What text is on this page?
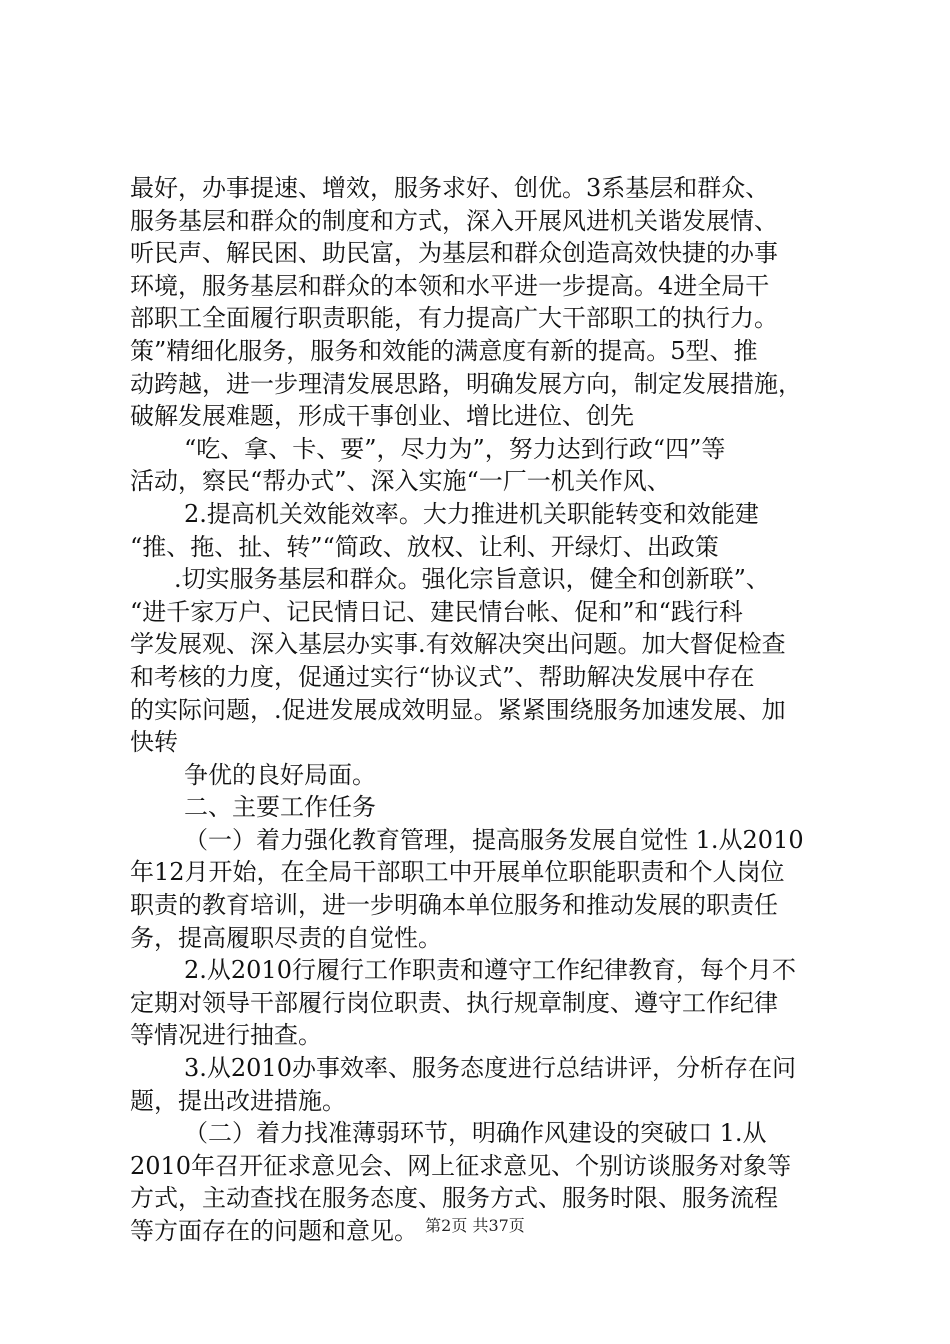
最好，办事提速、增效，服务求好、创优。3系基层和群众、
服务基层和群众的制度和方式，深入开展风进机关谐发展情、
听民声、解民困、助民富，为基层和群众创造高效快捷的办事
环境，服务基层和群众的本领和水平进一步提高。4进全局干
部职工全面履行职责职能，有力提高广大干部职工的执行力。
策”精细化服务，服务和效能的满意度有新的提高。5型、推
动跨越，进一步理清发展思路，明确发展方向，制定发展措施，
破解发展难题，形成干事创业、增比进位、创先
“吃、拿、卡、要”，尽力为”，努力达到行政“四”等
活动，察民“帮办式”、深入实施“一厂一机关作风、
2.提高机关效能效率。大力推进机关职能转变和效能建
“推、拖、扯、转”“简政、放权、让利、开绿灯、出政策
.切实服务基层和群众。强化宗旨意识，健全和创新联”、
“进千家万户、记民情日记、建民情台帐、促和”和“践行科
学发展观、深入基层办实事.有效解决突出问题。加大督促检查
和考核的力度，促通过实行“协议式”、帮助解决发展中存在
的实际问题，.促进发展成效明显。紧紧围绕服务加速发展、加
快转
争优的良好局面。
二、主要工作任务
（一）着力强化教育管理，提高服务发展自觉性 1.从2010
年12月开始，在全局干部职工中开展单位职能职责和个人岗位
职责的教育培训，进一步明确本单位服务和推动发展的职责任
务，提高履职尽责的自觉性。
2.从2010行履行工作职责和遵守工作纪律教育，每个月不
定期对领导干部履行岗位职责、执行规章制度、遵守工作纪律
等情况进行抽查。
3.从2010办事效率、服务态度进行总结讲评，分析存在问
题，提出改进措施。
（二）着力找准薄弱环节，明确作风建设的突破口 1.从
2010年召开征求意见会、网上征求意见、个别访谈服务对象等
方式，主动查找在服务态度、服务方式、服务时限、服务流程
等方面存在的问题和意见。 第2页 共37页
